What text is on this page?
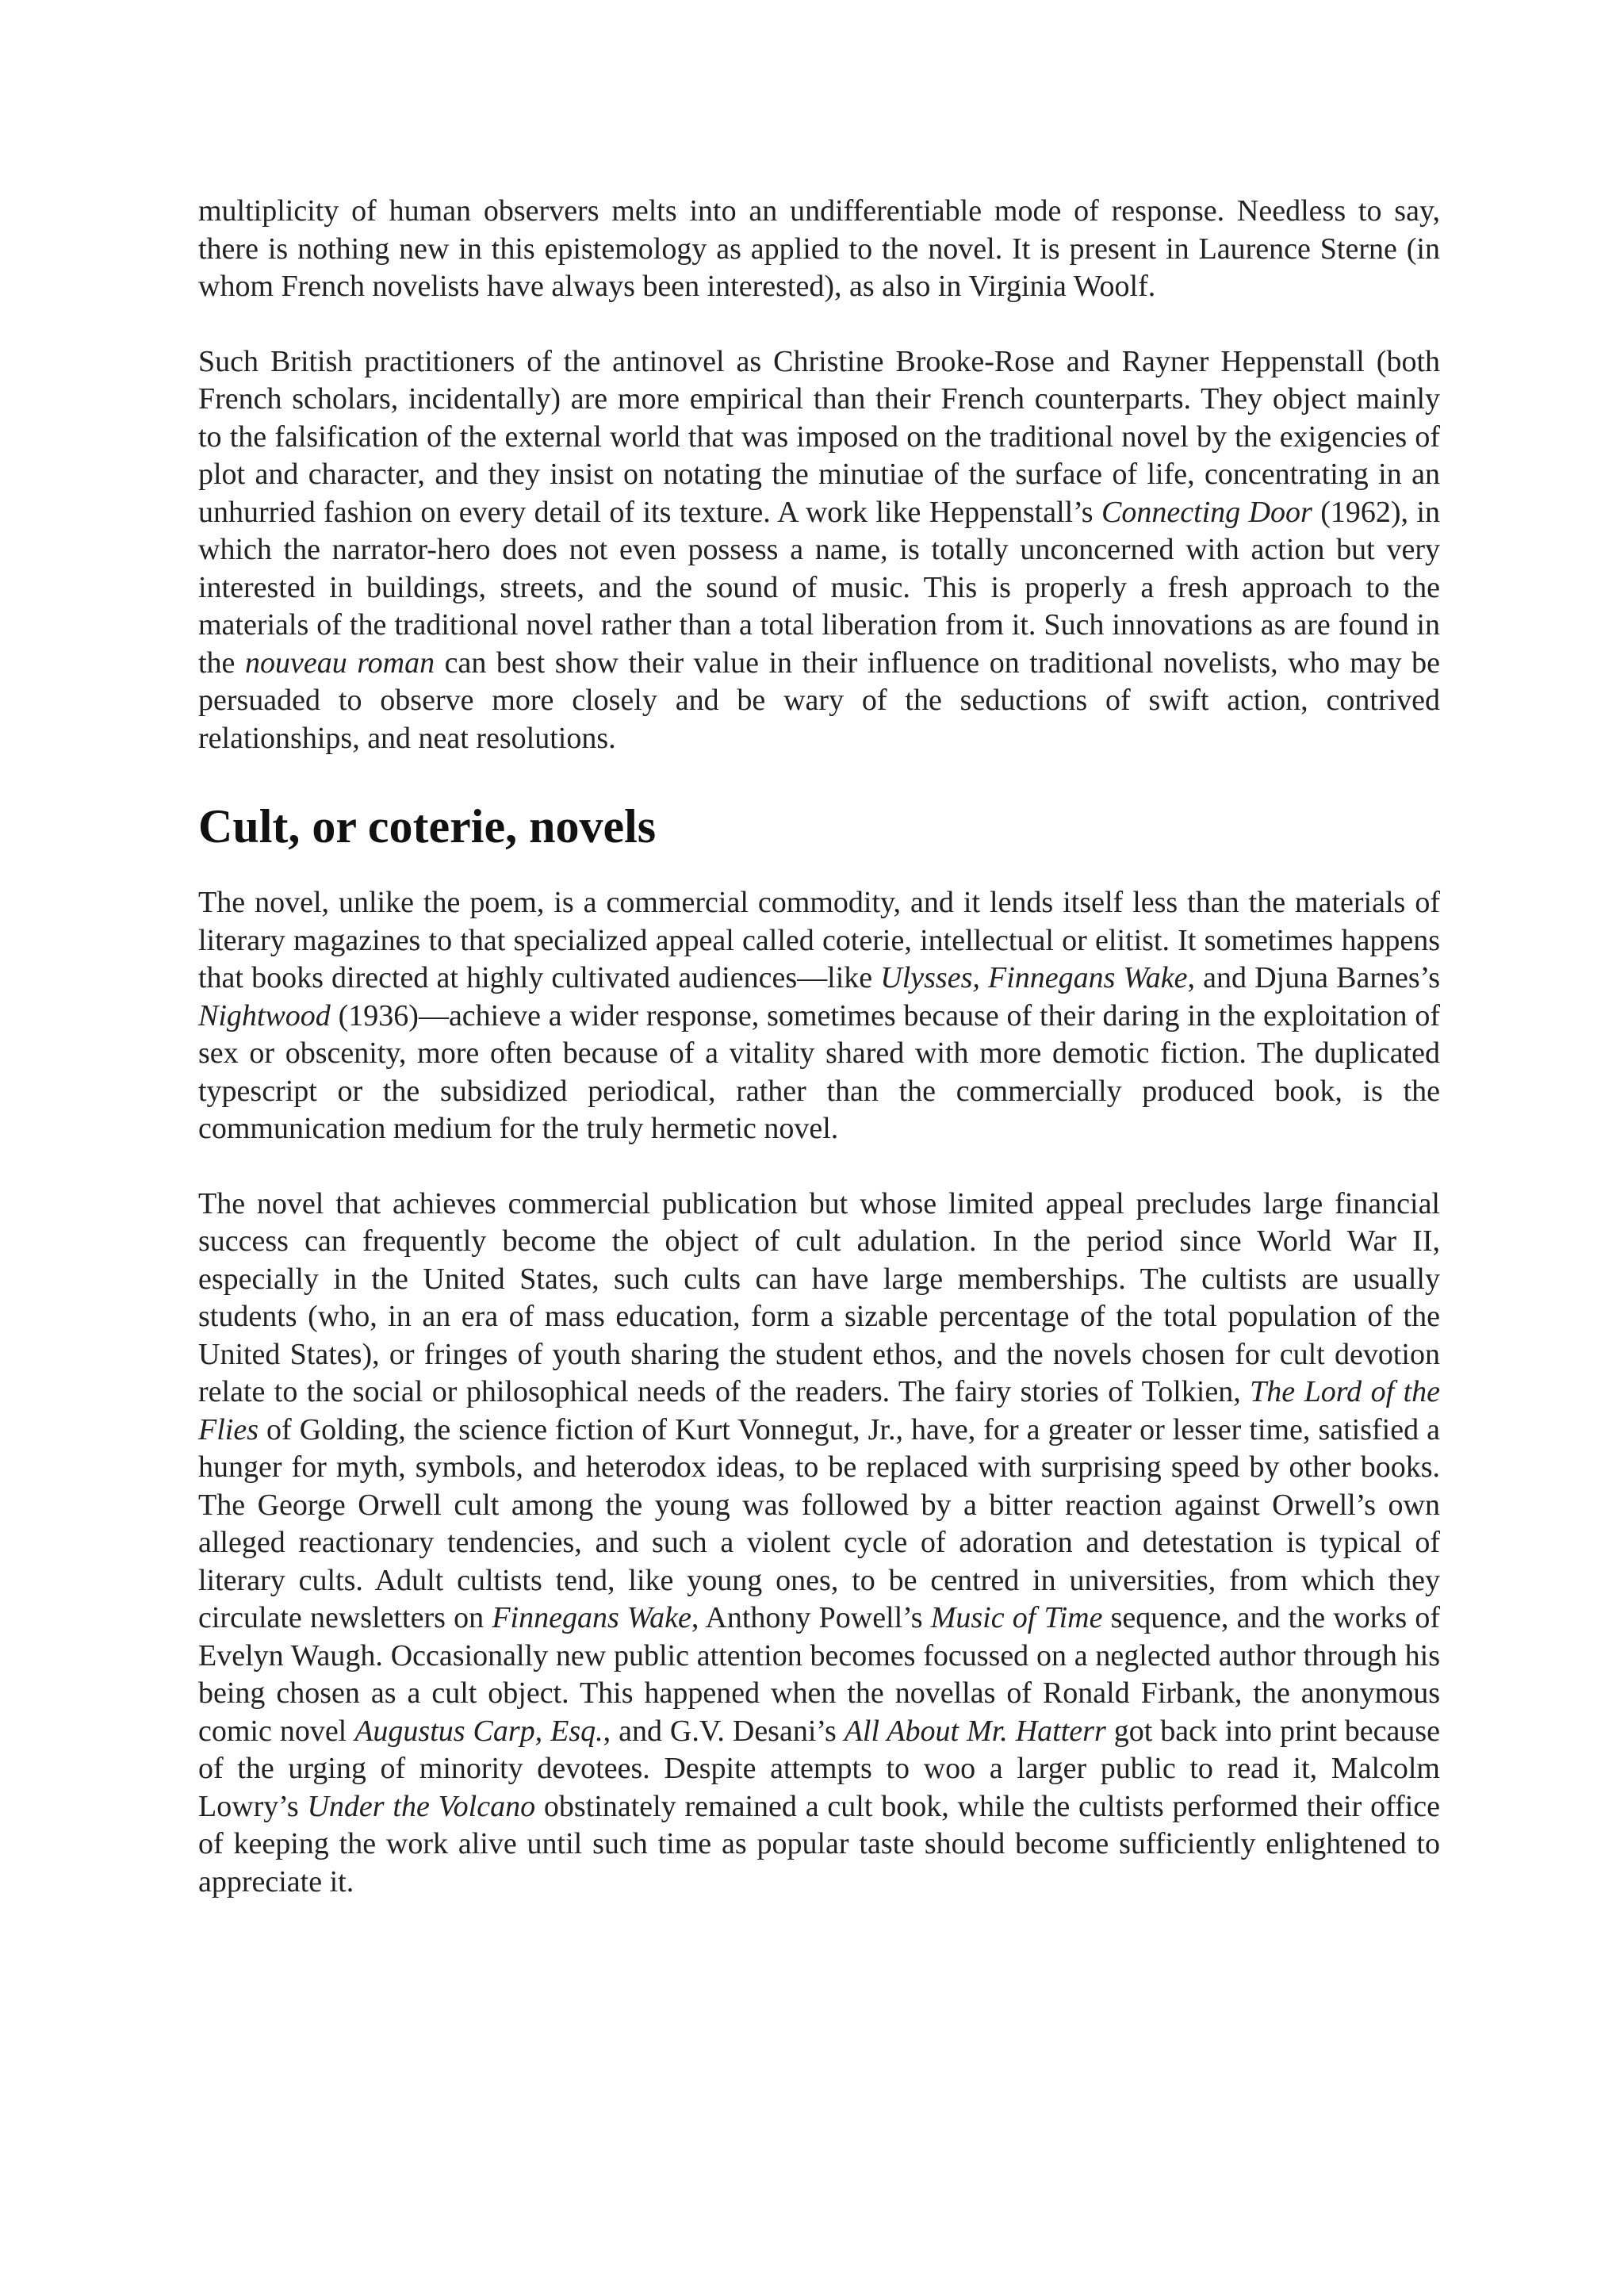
multiplicity of human observers melts into an undifferentiable mode of response. Needless to say, there is nothing new in this epistemology as applied to the novel. It is present in Laurence Sterne (in whom French novelists have always been interested), as also in Virginia Woolf.

Such British practitioners of the antinovel as Christine Brooke-Rose and Rayner Heppenstall (both French scholars, incidentally) are more empirical than their French counterparts. They object mainly to the falsification of the external world that was imposed on the traditional novel by the exigencies of plot and character, and they insist on notating the minutiae of the surface of life, concentrating in an unhurried fashion on every detail of its texture. A work like Heppenstall’s Connecting Door (1962), in which the narrator-hero does not even possess a name, is totally unconcerned with action but very interested in buildings, streets, and the sound of music. This is properly a fresh approach to the materials of the traditional novel rather than a total liberation from it. Such innovations as are found in the nouveau roman can best show their value in their influence on traditional novelists, who may be persuaded to observe more closely and be wary of the seductions of swift action, contrived relationships, and neat resolutions.

Cult, or coterie, novels

The novel, unlike the poem, is a commercial commodity, and it lends itself less than the materials of literary magazines to that specialized appeal called coterie, intellectual or elitist. It sometimes happens that books directed at highly cultivated audiences—like Ulysses, Finnegans Wake, and Djuna Barnes’s Nightwood (1936)—achieve a wider response, sometimes because of their daring in the exploitation of sex or obscenity, more often because of a vitality shared with more demotic fiction. The duplicated typescript or the subsidized periodical, rather than the commercially produced book, is the communication medium for the truly hermetic novel.

The novel that achieves commercial publication but whose limited appeal precludes large financial success can frequently become the object of cult adulation. In the period since World War II, especially in the United States, such cults can have large memberships. The cultists are usually students (who, in an era of mass education, form a sizable percentage of the total population of the United States), or fringes of youth sharing the student ethos, and the novels chosen for cult devotion relate to the social or philosophical needs of the readers. The fairy stories of Tolkien, The Lord of the Flies of Golding, the science fiction of Kurt Vonnegut, Jr., have, for a greater or lesser time, satisfied a hunger for myth, symbols, and heterodox ideas, to be replaced with surprising speed by other books. The George Orwell cult among the young was followed by a bitter reaction against Orwell’s own alleged reactionary tendencies, and such a violent cycle of adoration and detestation is typical of literary cults. Adult cultists tend, like young ones, to be centred in universities, from which they circulate newsletters on Finnegans Wake, Anthony Powell’s Music of Time sequence, and the works of Evelyn Waugh. Occasionally new public attention becomes focussed on a neglected author through his being chosen as a cult object. This happened when the novellas of Ronald Firbank, the anonymous comic novel Augustus Carp, Esq., and G.V. Desani’s All About Mr. Hatterr got back into print because of the urging of minority devotees. Despite attempts to woo a larger public to read it, Malcolm Lowry’s Under the Volcano obstinately remained a cult book, while the cultists performed their office of keeping the work alive until such time as popular taste should become sufficiently enlightened to appreciate it.
